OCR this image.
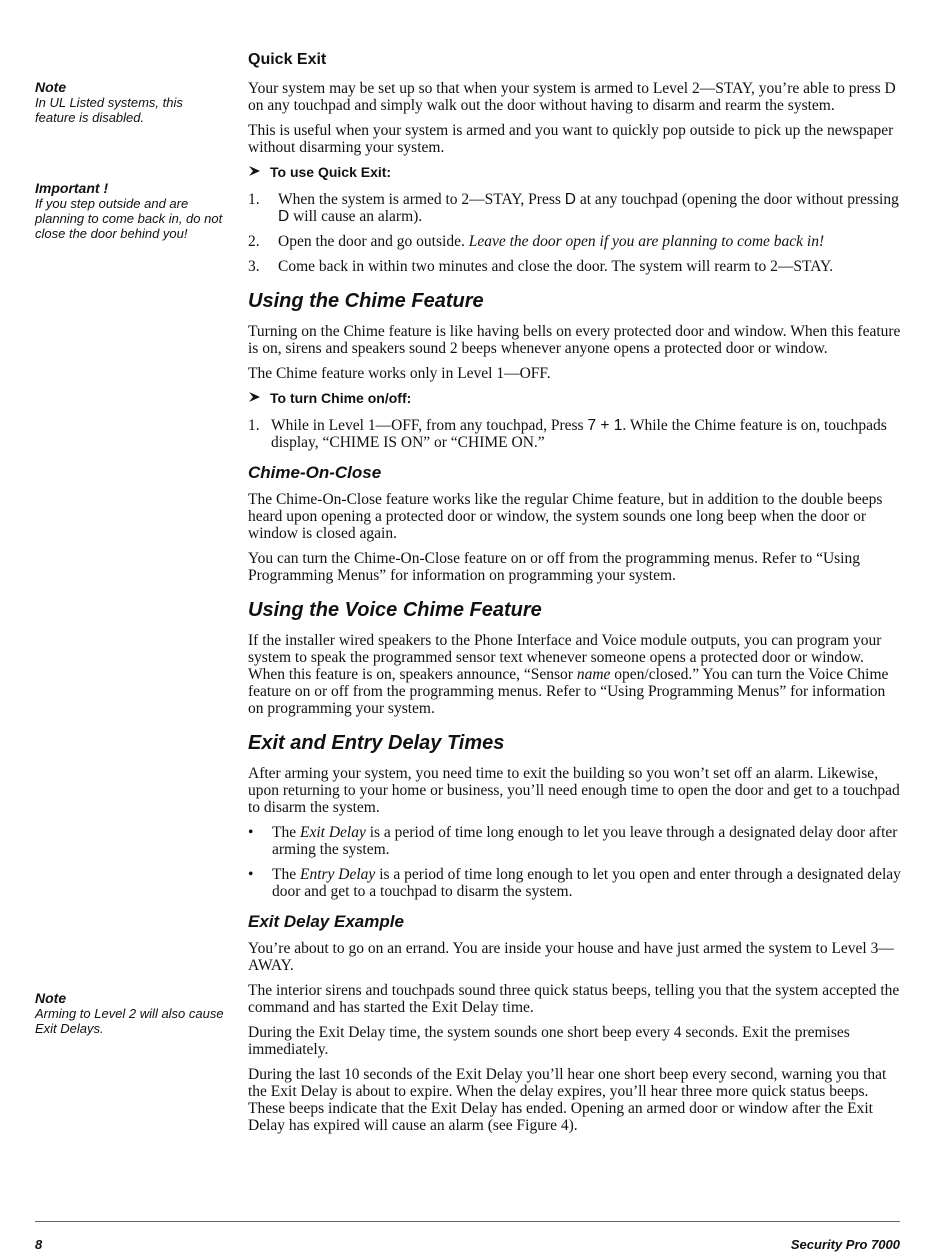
Note
In UL Listed systems, this feature is disabled.
Important !
If you step outside and are planning to come back in, do not close the door behind you!
Note
Arming to Level 2 will also cause Exit Delays.
Quick Exit

Your system may be set up so that when your system is armed to Level 2—STAY, you’re able to press D on any touchpad and simply walk out the door without having to disarm and rearm the system.

This is useful when your system is armed and you want to quickly pop outside to pick up the newspaper without disarming your system.

To use Quick Exit:
1. When the system is armed to 2—STAY, Press D at any touchpad (opening the door without pressing D will cause an alarm).
2. Open the door and go outside. Leave the door open if you are planning to come back in!
3. Come back in within two minutes and close the door. The system will rearm to 2—STAY.
Using the Chime Feature

Turning on the Chime feature is like having bells on every protected door and window. When this feature is on, sirens and speakers sound 2 beeps whenever anyone opens a protected door or window.

The Chime feature works only in Level 1—OFF.

To turn Chime on/off:
1. While in Level 1—OFF, from any touchpad, Press 7 + 1. While the Chime feature is on, touchpads display, “CHIME IS ON” or “CHIME ON.”
Chime-On-Close

The Chime-On-Close feature works like the regular Chime feature, but in addition to the double beeps heard upon opening a protected door or window, the system sounds one long beep when the door or window is closed again.

You can turn the Chime-On-Close feature on or off from the programming menus. Refer to “Using Programming Menus” for information on programming your system.

Using the Voice Chime Feature

If the installer wired speakers to the Phone Interface and Voice module outputs, you can program your system to speak the programmed sensor text whenever someone opens a protected door or window. When this feature is on, speakers announce, “Sensor name open/closed.” You can turn the Voice Chime feature on or off from the programming menus. Refer to “Using Programming Menus” for information on programming your system.

Exit and Entry Delay Times

After arming your system, you need time to exit the building so you won’t set off an alarm. Likewise, upon returning to your home or business, you’ll need enough time to open the door and get to a touchpad to disarm the system.

• The Exit Delay is a period of time long enough to let you leave through a designated delay door after arming the system.
• The Entry Delay is a period of time long enough to let you open and enter through a designated delay door and get to a touchpad to disarm the system.
Exit Delay Example

You’re about to go on an errand. You are inside your house and have just armed the system to Level 3—AWAY.

The interior sirens and touchpads sound three quick status beeps, telling you that the system accepted the command and has started the Exit Delay time.

During the Exit Delay time, the system sounds one short beep every 4 seconds. Exit the premises immediately.

During the last 10 seconds of the Exit Delay you’ll hear one short beep every second, warning you that the Exit Delay is about to expire. When the delay expires, you’ll hear three more quick status beeps. These beeps indicate that the Exit Delay has ended. Opening an armed door or window after the Exit Delay has expired will cause an alarm (see Figure 4).

8	Security Pro 7000
